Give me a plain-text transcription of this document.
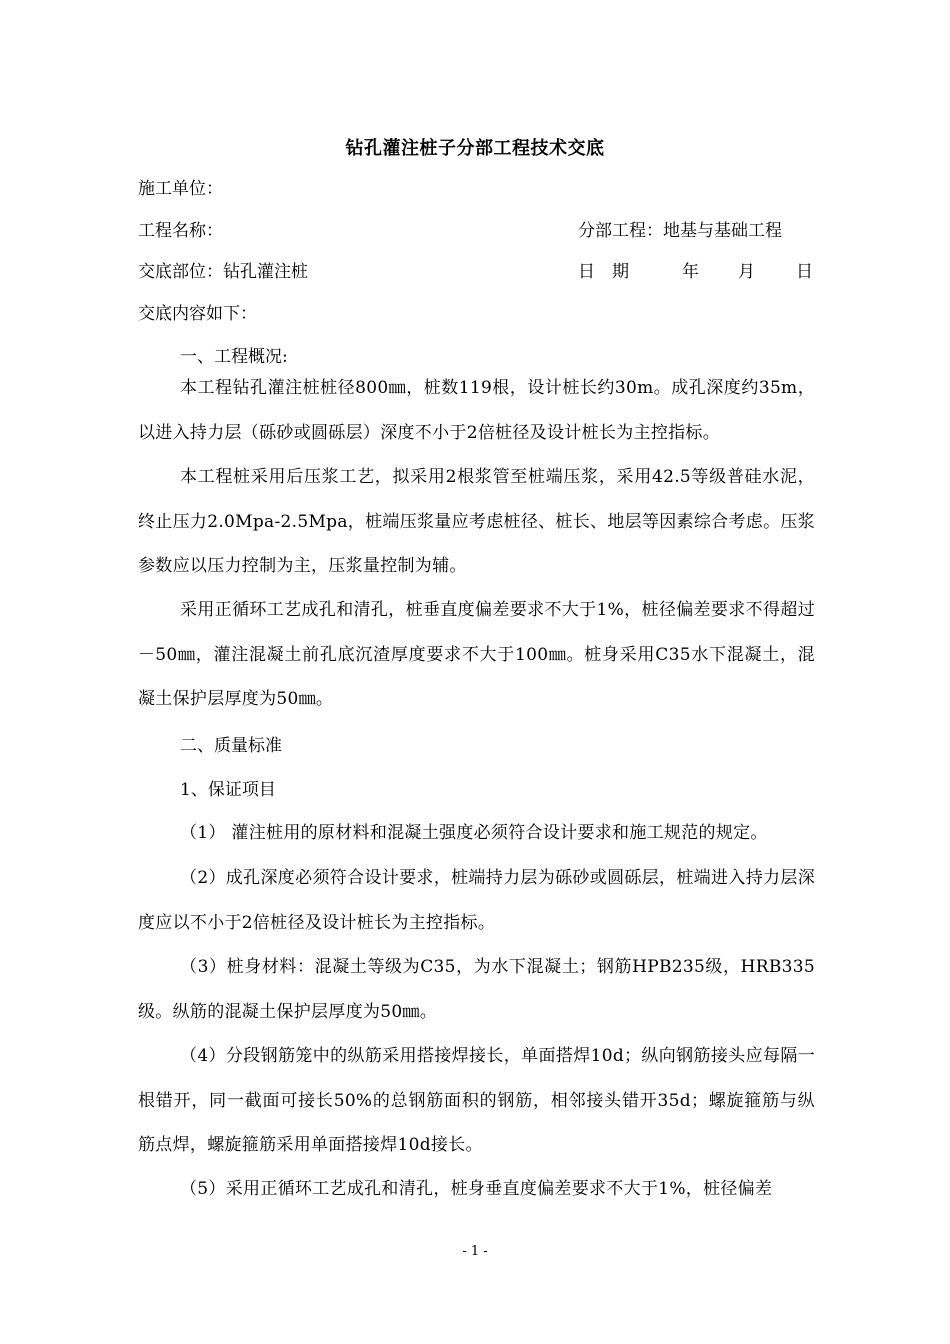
钻孔灌注桩子分部工程技术交底
施工单位：
工程名称：	分部工程：地基与基础工程
交底部位：钻孔灌注桩	日　期	年 月 日
交底内容如下：
一、工程概况:
本工程钻孔灌注桩桩径800㎜，桩数119根，设计桩长约30m。成孔深度约35m，以进入持力层（砾砂或圆砾层）深度不小于2倍桩径及设计桩长为主控指标。
本工程桩采用后压浆工艺，拟采用2根浆管至桩端压浆，采用42.5等级普硅水泥，终止压力2.0Mpa-2.5Mpa，桩端压浆量应考虑桩径、桩长、地层等因素综合考虑。压浆参数应以压力控制为主，压浆量控制为辅。
采用正循环工艺成孔和清孔，桩垂直度偏差要求不大于1%，桩径偏差要求不得超过－50㎜，灌注混凝土前孔底沉渣厚度要求不大于100㎜。桩身采用C35水下混凝土，混凝土保护层厚度为50㎜。
二、质量标准
1、保证项目
（1） 灌注桩用的原材料和混凝土强度必须符合设计要求和施工规范的规定。
（2）成孔深度必须符合设计要求，桩端持力层为砾砂或圆砾层，桩端进入持力层深度应以不小于2倍桩径及设计桩长为主控指标。
（3）桩身材料：混凝土等级为C35，为水下混凝土；钢筋HPB235级，HRB335级。纵筋的混凝土保护层厚度为50㎜。
（4）分段钢筋笼中的纵筋采用搭接焊接长，单面搭焊10d；纵向钢筋接头应每隔一根错开，同一截面可接长50%的总钢筋面积的钢筋，相邻接头错开35d；螺旋箍筋与纵筋点焊，螺旋箍筋采用单面搭接焊10d接长。
（5）采用正循环工艺成孔和清孔，桩身垂直度偏差要求不大于1%，桩径偏差
- 1 -
